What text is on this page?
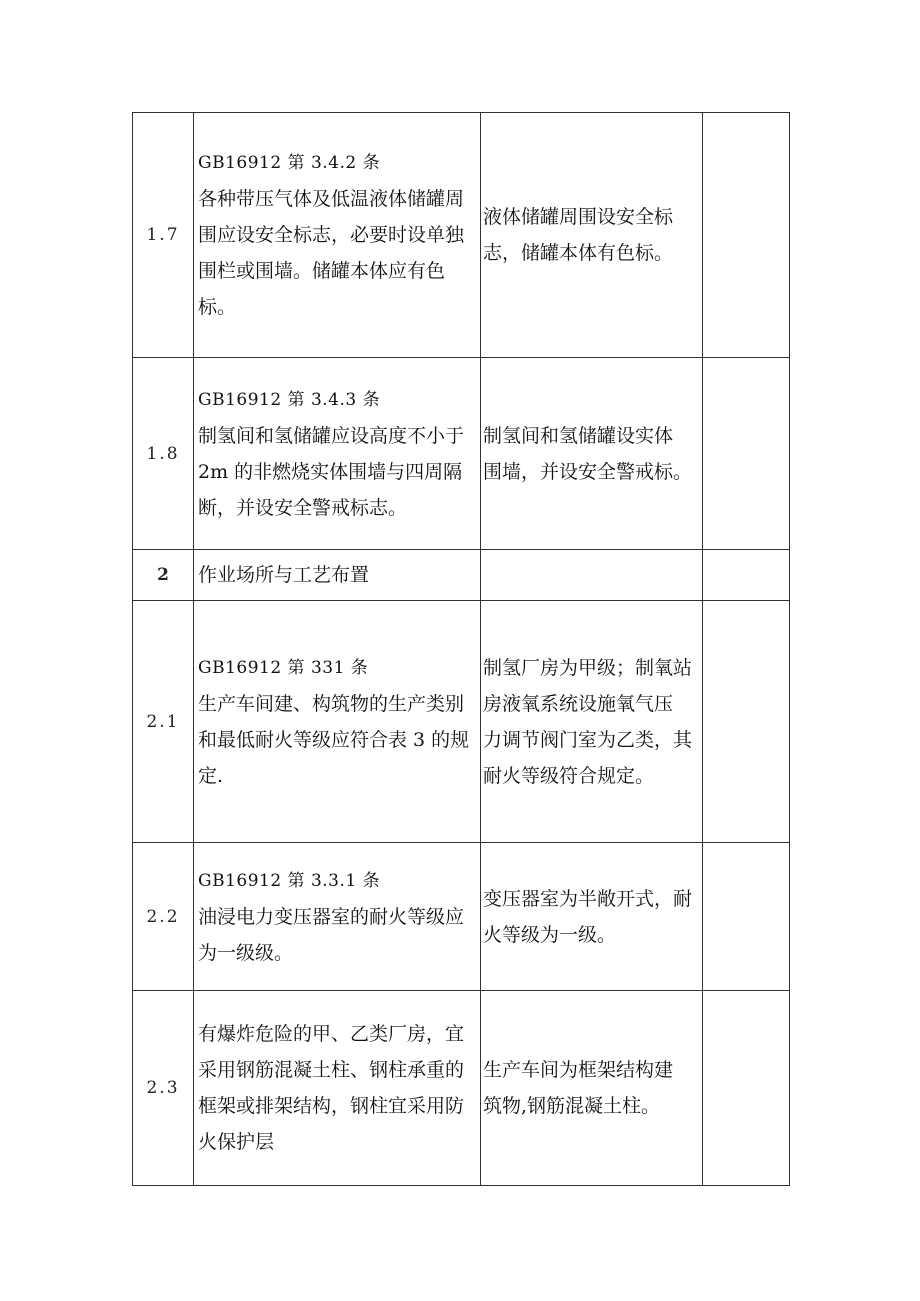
1.7	GB16912 第 3.4.2 条
各种带压气体及低温液体储罐周
围应设安全标志，必要时设单独
围栏或围墙。储罐本体应有色
标。	液体储罐周围设安全标
志，储罐本体有色标。	

1.8	GB16912 第 3.4.3 条
制氢间和氢储罐应设高度不小于
2m 的非燃烧实体围墙与四周隔
断，并设安全警戒标志。	制氢间和氢储罐设实体
围墙，并设安全警戒标。	

2	作业场所与工艺布置		

2.1	GB16912 第 331 条
生产车间建、构筑物的生产类别
和最低耐火等级应符合表 3 的规
定.	制氢厂房为甲级；制氧站
房液氧系统设施氧气压
力调节阀门室为乙类，其
耐火等级符合规定。	

2.2	GB16912 第 3.3.1 条
油浸电力变压器室的耐火等级应
为一级级。	变压器室为半敞开式，耐
火等级为一级。	

2.3	有爆炸危险的甲、乙类厂房，宜
采用钢筋混凝土柱、钢柱承重的
框架或排架结构，钢柱宜采用防
火保护层	生产车间为框架结构建
筑物,钢筋混凝土柱。	
